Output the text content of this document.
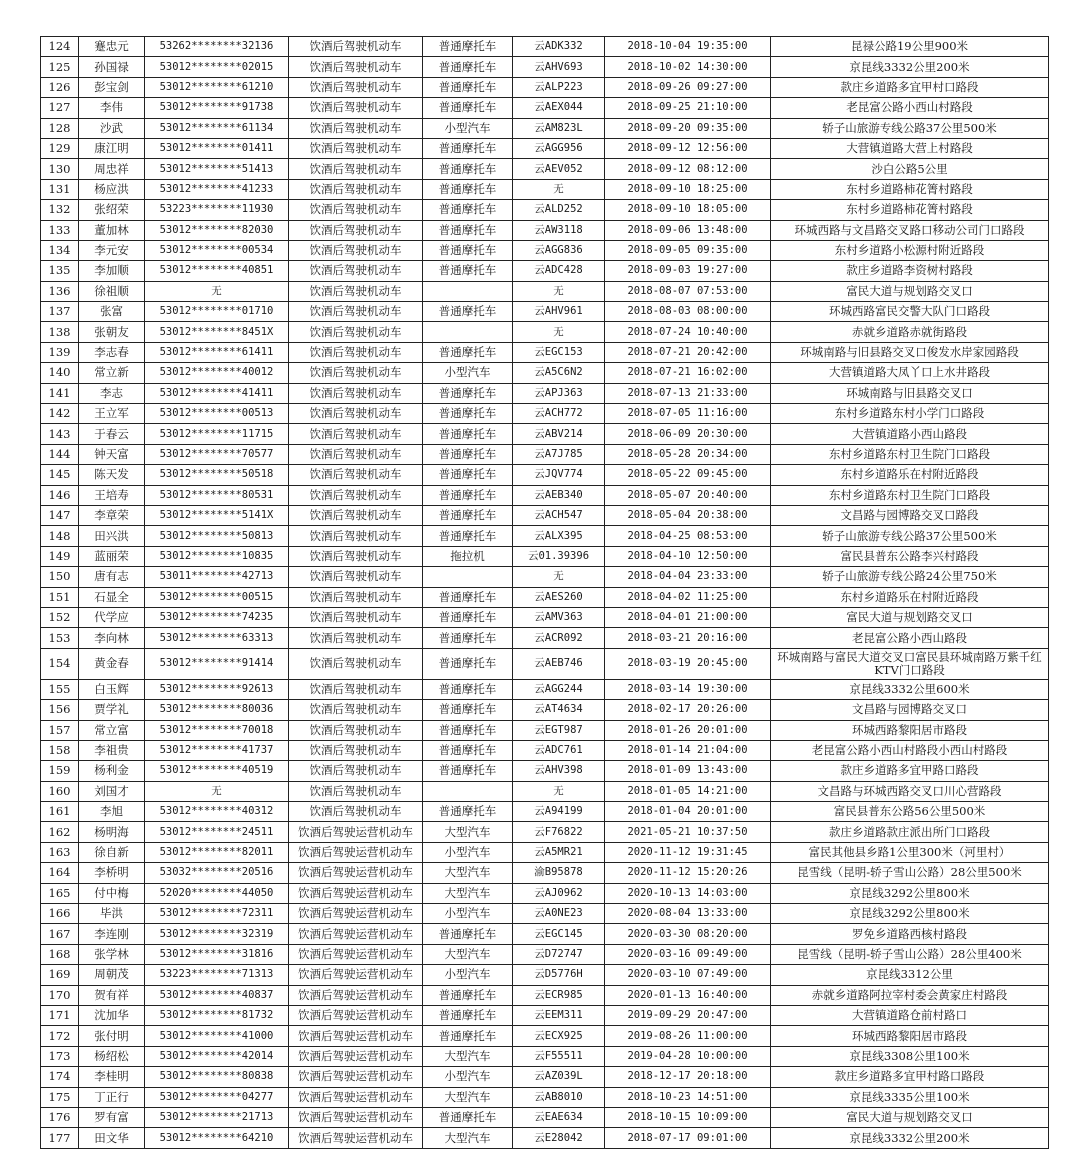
124	蹇忠元	53262********32136	饮酒后驾驶机动车	普通摩托车	云ADK332	2018-10-04 19:35:00	昆禄公路19公里900米
125	孙国禄	53012********02015	饮酒后驾驶机动车	普通摩托车	云AHV693	2018-10-02 14:30:00	京昆线3332公里200米
126	彭宝剑	53012********61210	饮酒后驾驶机动车	普通摩托车	云ALP223	2018-09-26 09:27:00	款庄乡道路多宜甲村口路段
127	李伟	53012********91738	饮酒后驾驶机动车	普通摩托车	云AEX044	2018-09-25 21:10:00	老昆富公路小西山村路段
128	沙武	53012********61134	饮酒后驾驶机动车	小型汽车	云AM823L	2018-09-20 09:35:00	轿子山旅游专线公路37公里500米
129	康江明	53012********01411	饮酒后驾驶机动车	普通摩托车	云AGG956	2018-09-12 12:56:00	大营镇道路大营上村路段
130	周忠祥	53012********51413	饮酒后驾驶机动车	普通摩托车	云AEV052	2018-09-12 08:12:00	沙白公路5公里
131	杨应洪	53012********41233	饮酒后驾驶机动车	普通摩托车	无	2018-09-10 18:25:00	东村乡道路柿花箐村路段
132	张绍荣	53223********11930	饮酒后驾驶机动车	普通摩托车	云ALD252	2018-09-10 18:05:00	东村乡道路柿花箐村路段
133	董加林	53012********82030	饮酒后驾驶机动车	普通摩托车	云AW3118	2018-09-06 13:48:00	环城西路与文昌路交叉路口移动公司门口路段
134	李元安	53012********00534	饮酒后驾驶机动车	普通摩托车	云AGG836	2018-09-05 09:35:00	东村乡道路小松源村附近路段
135	李加顺	53012********40851	饮酒后驾驶机动车	普通摩托车	云ADC428	2018-09-03 19:27:00	款庄乡道路李资树村路段
136	徐祖顺	无	饮酒后驾驶机动车		无	2018-08-07 07:53:00	富民大道与规划路交叉口
137	张富	53012********01710	饮酒后驾驶机动车	普通摩托车	云AHV961	2018-08-03 08:00:00	环城西路富民交警大队门口路段
138	张朝友	53012********8451X	饮酒后驾驶机动车		无	2018-07-24 10:40:00	赤就乡道路赤就街路段
139	李志春	53012********61411	饮酒后驾驶机动车	普通摩托车	云EGC153	2018-07-21 20:42:00	环城南路与旧县路交叉口俊发水岸家园路段
140	常立新	53012********40012	饮酒后驾驶机动车	小型汽车	云A5C6N2	2018-07-21 16:02:00	大营镇道路大凤丫口上水井路段
141	李志	53012********41411	饮酒后驾驶机动车	普通摩托车	云APJ363	2018-07-13 21:33:00	环城南路与旧县路交叉口
142	王立军	53012********00513	饮酒后驾驶机动车	普通摩托车	云ACH772	2018-07-05 11:16:00	东村乡道路东村小学门口路段
143	于春云	53012********11715	饮酒后驾驶机动车	普通摩托车	云ABV214	2018-06-09 20:30:00	大营镇道路小西山路段
144	钟天富	53012********70577	饮酒后驾驶机动车	普通摩托车	云A7J785	2018-05-28 20:34:00	东村乡道路东村卫生院门口路段
145	陈天发	53012********50518	饮酒后驾驶机动车	普通摩托车	云JQV774	2018-05-22 09:45:00	东村乡道路乐在村附近路段
146	王培寿	53012********80531	饮酒后驾驶机动车	普通摩托车	云AEB340	2018-05-07 20:40:00	东村乡道路东村卫生院门口路段
147	李章荣	53012********5141X	饮酒后驾驶机动车	普通摩托车	云ACH547	2018-05-04 20:38:00	文昌路与园博路交叉口路段
148	田兴洪	53012********50813	饮酒后驾驶机动车	普通摩托车	云ALX395	2018-04-25 08:53:00	轿子山旅游专线公路37公里500米
149	蓝丽荣	53012********10835	饮酒后驾驶机动车	拖拉机	云01.39396	2018-04-10 12:50:00	富民县普东公路李兴村路段
150	唐有志	53011********42713	饮酒后驾驶机动车		无	2018-04-04 23:33:00	轿子山旅游专线公路24公里750米
151	石显全	53012********00515	饮酒后驾驶机动车	普通摩托车	云AES260	2018-04-02 11:25:00	东村乡道路乐在村附近路段
152	代学应	53012********74235	饮酒后驾驶机动车	普通摩托车	云AMV363	2018-04-01 21:00:00	富民大道与规划路交叉口
153	李向林	53012********63313	饮酒后驾驶机动车	普通摩托车	云ACR092	2018-03-21 20:16:00	老昆富公路小西山路段
154	黄金春	53012********91414	饮酒后驾驶机动车	普通摩托车	云AEB746	2018-03-19 20:45:00	环城南路与富民大道交叉口富民县环城南路万紫千红KTV门口路段
155	白玉辉	53012********92613	饮酒后驾驶机动车	普通摩托车	云AGG244	2018-03-14 19:30:00	京昆线3332公里600米
156	贾学礼	53012********80036	饮酒后驾驶机动车	普通摩托车	云AT4634	2018-02-17 20:26:00	文昌路与园博路交叉口
157	常立富	53012********70018	饮酒后驾驶机动车	普通摩托车	云EGT987	2018-01-26 20:01:00	环城西路黎阳居市路段
158	李祖贵	53012********41737	饮酒后驾驶机动车	普通摩托车	云ADC761	2018-01-14 21:04:00	老昆富公路小西山村路段小西山村路段
159	杨利金	53012********40519	饮酒后驾驶机动车	普通摩托车	云AHV398	2018-01-09 13:43:00	款庄乡道路多宜甲路口路段
160	刘国才	无	饮酒后驾驶机动车		无	2018-01-05 14:21:00	文昌路与环城西路交叉口川心营路段
161	李旭	53012********40312	饮酒后驾驶机动车	普通摩托车	云A94199	2018-01-04 20:01:00	富民县普东公路56公里500米
162	杨明海	53012********24511	饮酒后驾驶运营机动车	大型汽车	云F76822	2021-05-21 10:37:50	款庄乡道路款庄派出所门口路段
163	徐自新	53012********82011	饮酒后驾驶运营机动车	小型汽车	云A5MR21	2020-11-12 19:31:45	富民其他县乡路1公里300米（河里村）
164	李桥明	53032********20516	饮酒后驾驶运营机动车	大型汽车	渝B95878	2020-11-12 15:20:26	昆雪线（昆明-轿子雪山公路）28公里500米
165	付中梅	52020********44050	饮酒后驾驶运营机动车	大型汽车	云AJ0962	2020-10-13 14:03:00	京昆线3292公里800米
166	毕洪	53012********72311	饮酒后驾驶运营机动车	小型汽车	云A0NE23	2020-08-04 13:33:00	京昆线3292公里800米
167	李连刚	53012********32319	饮酒后驾驶运营机动车	普通摩托车	云EGC145	2020-03-30 08:20:00	罗免乡道路西核村路段
168	张学林	53012********31816	饮酒后驾驶运营机动车	大型汽车	云D72747	2020-03-16 09:49:00	昆雪线（昆明-轿子雪山公路）28公里400米
169	周朝茂	53223********71313	饮酒后驾驶运营机动车	小型汽车	云D5776H	2020-03-10 07:49:00	京昆线3312公里
170	贺有祥	53012********40837	饮酒后驾驶运营机动车	普通摩托车	云ECR985	2020-01-13 16:40:00	赤就乡道路阿拉宰村委会黄家庄村路段
171	沈加华	53012********81732	饮酒后驾驶运营机动车	普通摩托车	云EEM311	2019-09-29 20:47:00	大营镇道路仓前村路口
172	张付明	53012********41000	饮酒后驾驶运营机动车	普通摩托车	云ECX925	2019-08-26 11:00:00	环城西路黎阳居市路段
173	杨绍松	53012********42014	饮酒后驾驶运营机动车	大型汽车	云F55511	2019-04-28 10:00:00	京昆线3308公里100米
174	李桂明	53012********80838	饮酒后驾驶运营机动车	小型汽车	云AZ039L	2018-12-17 20:18:00	款庄乡道路多宜甲村路口路段
175	丁正行	53012********04277	饮酒后驾驶运营机动车	大型汽车	云AB8010	2018-10-23 14:51:00	京昆线3335公里100米
176	罗有富	53012********21713	饮酒后驾驶运营机动车	普通摩托车	云EAE634	2018-10-15 10:09:00	富民大道与规划路交叉口
177	田文华	53012********64210	饮酒后驾驶运营机动车	大型汽车	云E28042	2018-07-17 09:01:00	京昆线3332公里200米
